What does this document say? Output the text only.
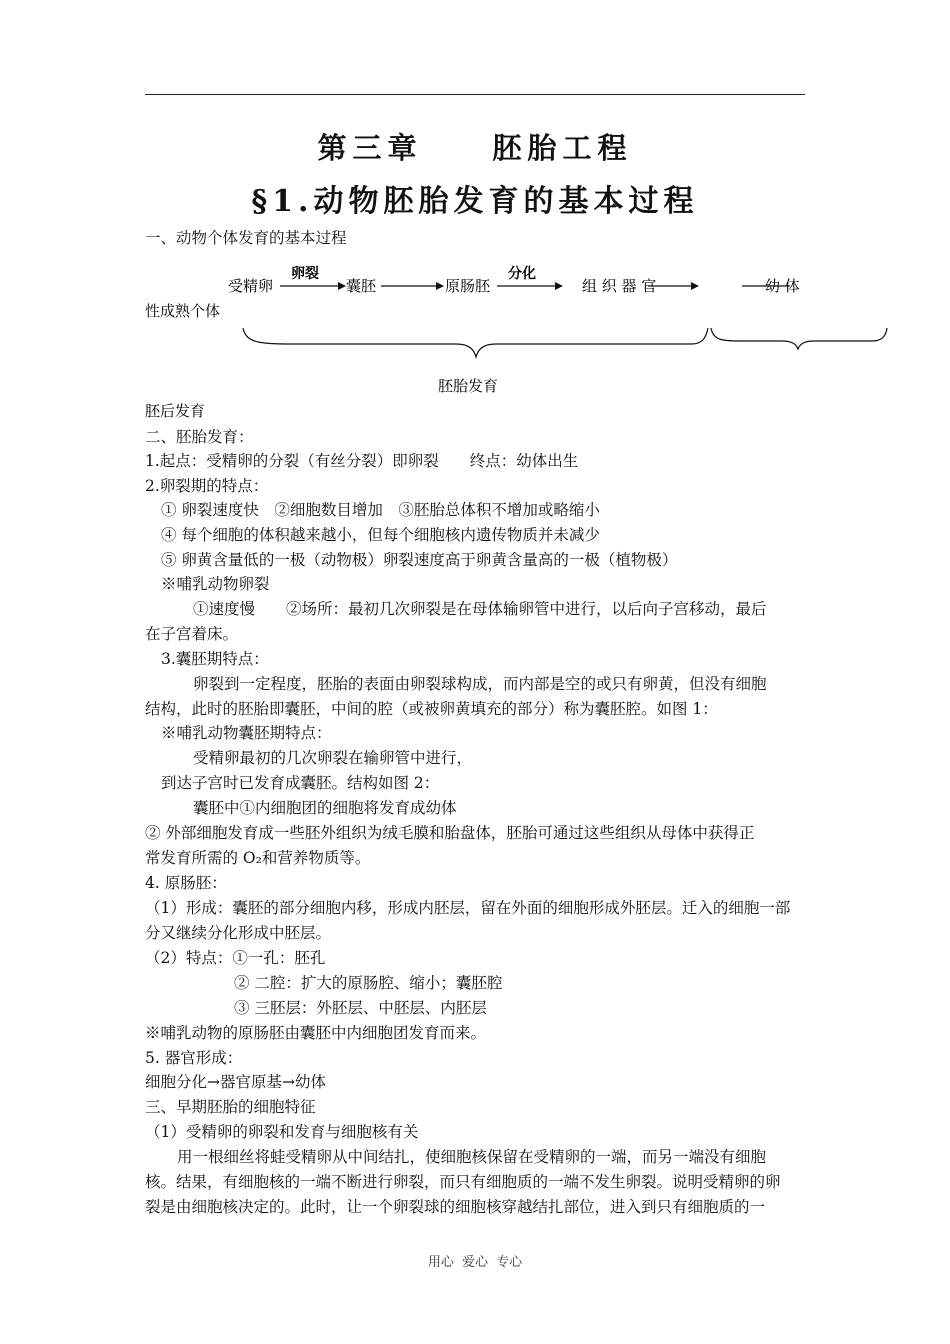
第三章　　胚胎工程
§1.动物胚胎发育的基本过程
一、动物个体发育的基本过程
受精卵	囊胚	原肠胚	组 织 器 官	幼 体
卵裂	分化
性成熟个体
胚胎发育
胚后发育
二、胚胎发育：
1.起点：受精卵的分裂（有丝分裂）即卵裂　　终点：幼体出生
2.卵裂期的特点：
① 卵裂速度快　②细胞数目增加　③胚胎总体积不增加或略缩小
④ 每个细胞的体积越来越小，但每个细胞核内遗传物质并未减少
⑤ 卵黄含量低的一极（动物极）卵裂速度高于卵黄含量高的一极（植物极）
※哺乳动物卵裂
①速度慢　　②场所：最初几次卵裂是在母体输卵管中进行，以后向子宫移动，最后
在子宫着床。
3.囊胚期特点：
卵裂到一定程度，胚胎的表面由卵裂球构成，而内部是空的或只有卵黄，但没有细胞
结构，此时的胚胎即囊胚，中间的腔（或被卵黄填充的部分）称为囊胚腔。如图 1：
※哺乳动物囊胚期特点：
受精卵最初的几次卵裂在输卵管中进行，
到达子宫时已发育成囊胚。结构如图 2：
囊胚中①内细胞团的细胞将发育成幼体
② 外部细胞发育成一些胚外组织为绒毛膜和胎盘体，胚胎可通过这些组织从母体中获得正
常发育所需的 O₂和营养物质等。
4. 原肠胚：
（1）形成：囊胚的部分细胞内移，形成内胚层，留在外面的细胞形成外胚层。迁入的细胞一部
分又继续分化形成中胚层。
（2）特点：①一孔：胚孔
② 二腔：扩大的原肠腔、缩小；囊胚腔
③ 三胚层：外胚层、中胚层、内胚层
※哺乳动物的原肠胚由囊胚中内细胞团发育而来。
5. 器官形成：
细胞分化→器官原基→幼体
三、早期胚胎的细胞特征
（1）受精卵的卵裂和发育与细胞核有关
用一根细丝将蛙受精卵从中间结扎，使细胞核保留在受精卵的一端，而另一端没有细胞
核。结果，有细胞核的一端不断进行卵裂，而只有细胞质的一端不发生卵裂。说明受精卵的卵
裂是由细胞核决定的。此时，让一个卵裂球的细胞核穿越结扎部位，进入到只有细胞质的一
用心 爱心 专心
